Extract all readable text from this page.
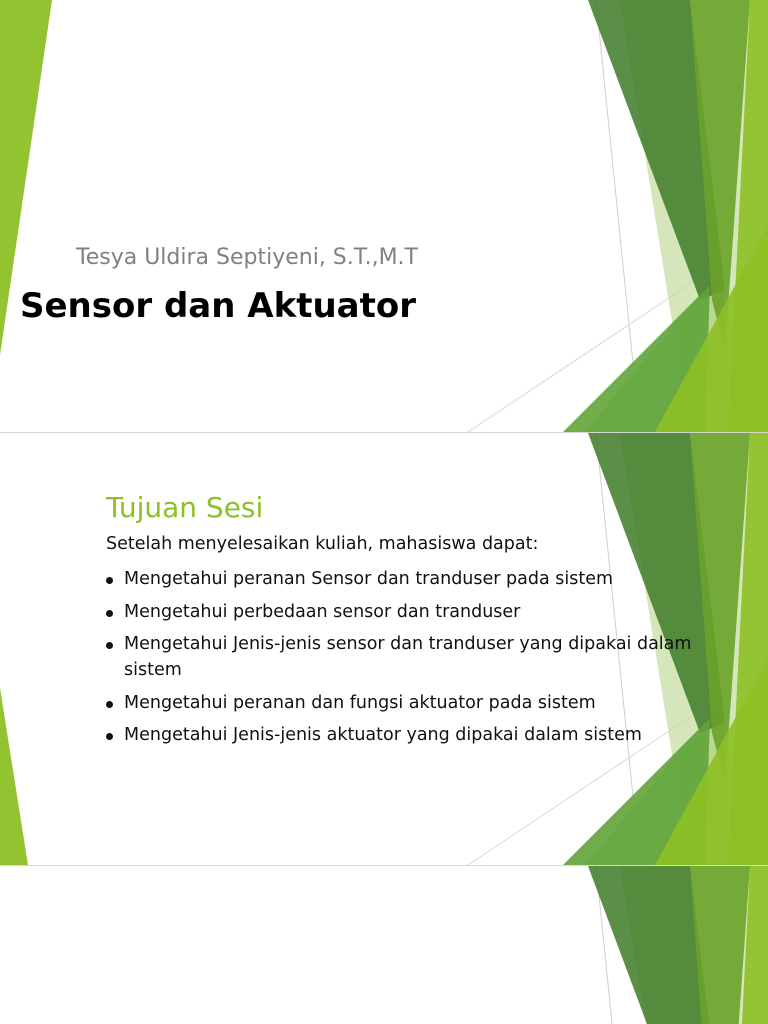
Tesya Uldira Septiyeni, S.T.,M.T
Sensor dan Aktuator
Tujuan Sesi
Setelah menyelesaikan kuliah, mahasiswa dapat:
Mengetahui peranan Sensor dan tranduser pada sistem
Mengetahui perbedaan sensor dan tranduser
Mengetahui Jenis-jenis sensor dan tranduser yang dipakai dalam sistem
Mengetahui peranan dan fungsi aktuator pada sistem
Mengetahui Jenis-jenis aktuator yang dipakai dalam sistem
